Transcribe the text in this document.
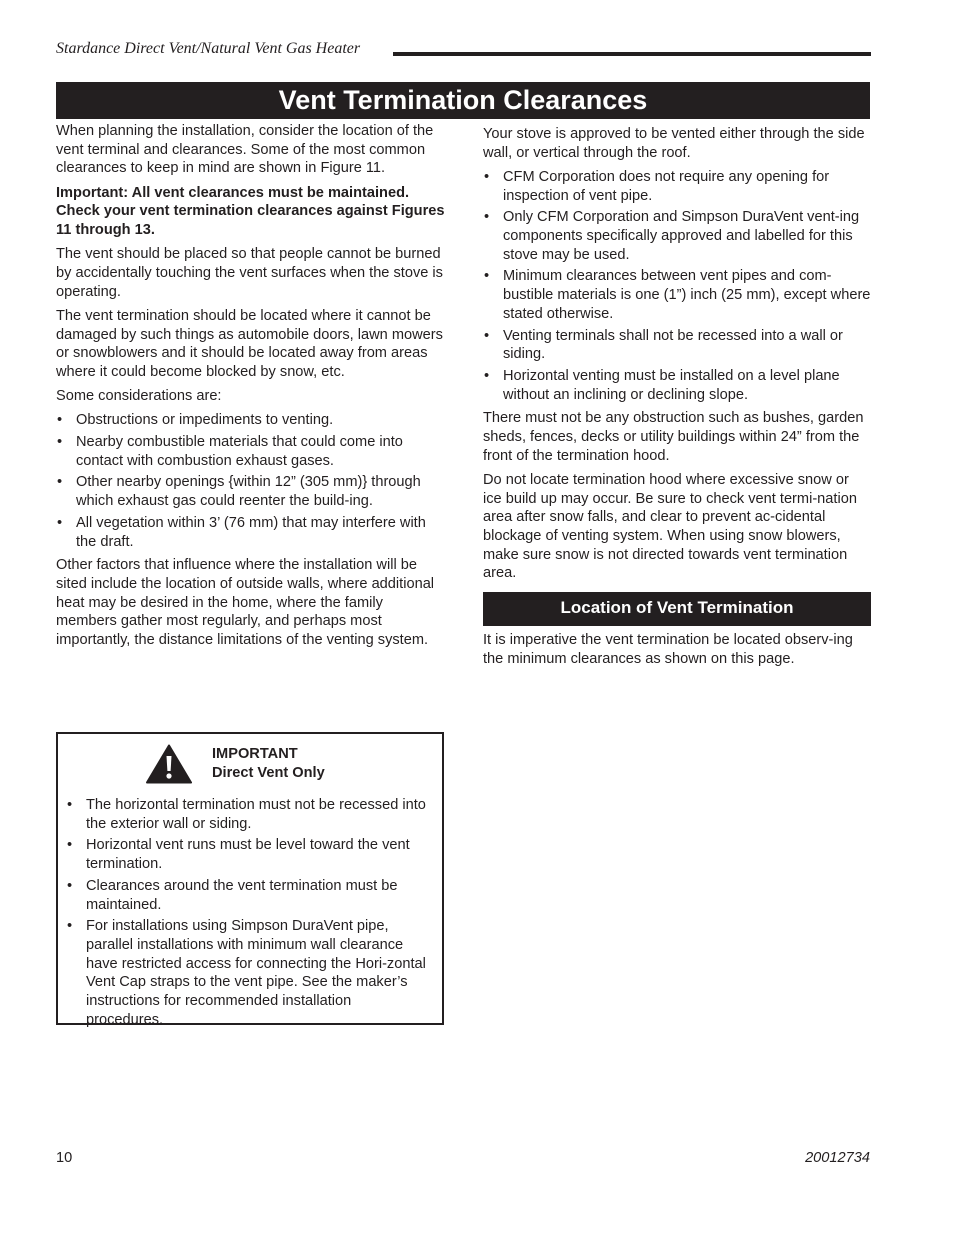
Stardance Direct Vent/Natural Vent Gas Heater
Vent Termination Clearances

When planning the installation, consider the location of the vent terminal and clearances. Some of the most common clearances to keep in mind are shown in Figure 11.

Important: All vent clearances must be maintained. Check your vent termination clearances against Figures 11 through 13.

The vent should be placed so that people cannot be burned by accidentally touching the vent surfaces when the stove is operating.

The vent termination should be located where it cannot be damaged by such things as automobile doors, lawn mowers or snowblowers and it should be located away from areas where it could become blocked by snow, etc.

Some considerations are:

• Obstructions or impediments to venting.
• Nearby combustible materials that could come into contact with combustion exhaust gases.
• Other nearby openings {within 12” (305 mm)} through which exhaust gas could reenter the build-ing.
• All vegetation within 3’ (76 mm) that may interfere with the draft.

Other factors that influence where the installation will be sited include the location of outside walls, where additional heat may be desired in the home, where the family members gather most regularly, and perhaps most importantly, the distance limitations of the venting system.

IMPORTANT
Direct Vent Only
• The horizontal termination must not be recessed into the exterior wall or siding.
• Horizontal vent runs must be level toward the vent termination.
• Clearances around the vent termination must be maintained.
• For installations using Simpson DuraVent pipe, parallel installations with minimum wall clearance have restricted access for connecting the Hori-zontal Vent Cap straps to the vent pipe. See the maker’s instructions for recommended installation procedures.

Your stove is approved to be vented either through the side wall, or vertical through the roof.

• CFM Corporation does not require any opening for inspection of vent pipe.
• Only CFM Corporation and Simpson DuraVent vent-ing components specifically approved and labelled for this stove may be used.
• Minimum clearances between vent pipes and com-bustible materials is one (1”) inch (25 mm), except where stated otherwise.
• Venting terminals shall not be recessed into a wall or siding.
• Horizontal venting must be installed on a level plane without an inclining or declining slope.

There must not be any obstruction such as bushes, garden sheds, fences, decks or utility buildings within 24” from the front of the termination hood.

Do not locate termination hood where excessive snow or ice build up may occur. Be sure to check vent termi-nation area after snow falls, and clear to prevent ac-cidental blockage of venting system. When using snow blowers, make sure snow is not directed towards vent termination area.

Location of Vent Termination

It is imperative the vent termination be located observ-ing the minimum clearances as shown on this page.

10	20012734
